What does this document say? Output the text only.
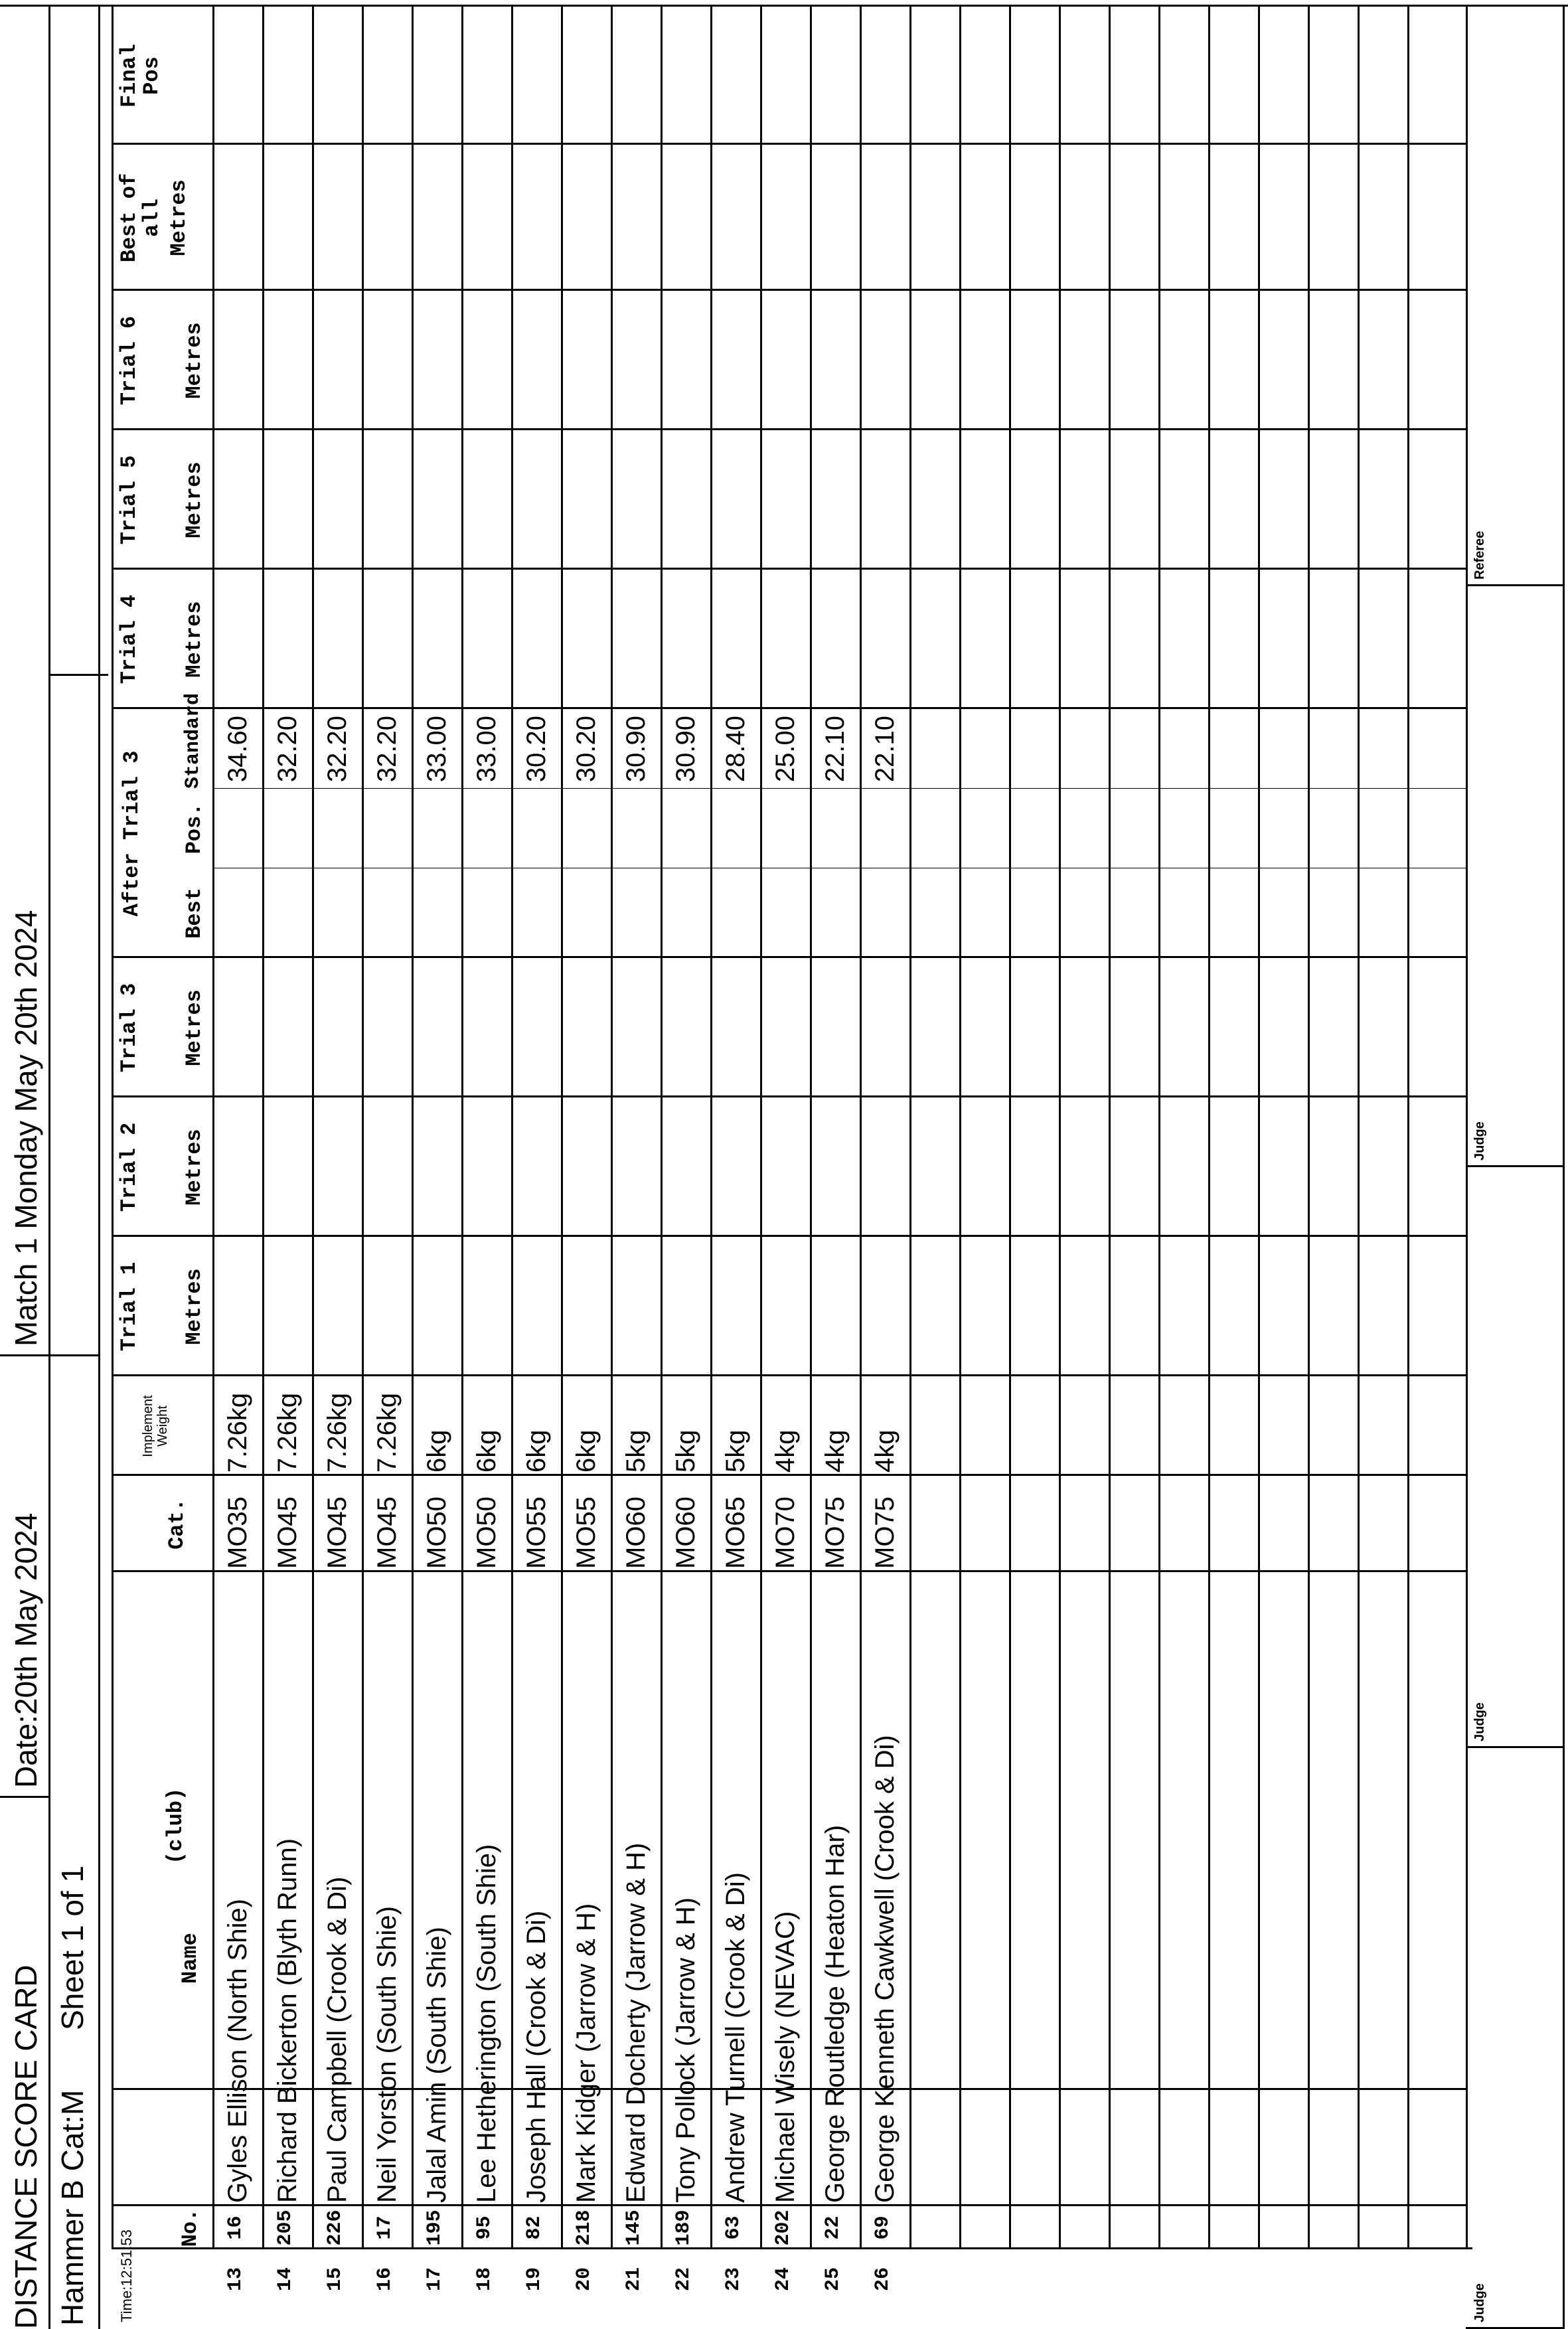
DISTANCE SCORE CARD
Date:20th May 2024
Match 1 Monday May 20th 2024
Hammer B Cat:M
Sheet 1 of 1
Time:12:51:53
No.
Name
(club)
Cat.
Implement Weight
Trial 1 Metres
Trial 2 Metres
Trial 3 Metres
After Trial 3 Best
Pos.
Standard
Trial 4 Metres
Trial 5 Metres
Trial 6 Metres
Best of
all Metres
Final
Pos
16
Gyles Ellison (North Shie)
MO35
7.26kg
34.60
205
Richard Bickerton (Blyth Runn)
MO45
7.26kg
32.20
226
Paul Campbell (Crook & Di)
MO45
7.26kg
32.20
17
Neil Yorston (South Shie)
MO45
7.26kg
32.20
195
Jalal Amin (South Shie)
MO50
6kg
33.00
95
Lee Hetherington (South Shie)
MO50
6kg
33.00
82
Joseph Hall (Crook & Di)
MO55
6kg
30.20
218
Mark Kidger (Jarrow & H)
MO55
6kg
30.20
145
Edward Docherty (Jarrow & H)
MO60
5kg
30.90
189
Tony Pollock (Jarrow & H)
MO60
5kg
30.90
63
Andrew Turnell (Crook & Di)
MO65
5kg
28.40
202
Michael Wisely (NEVAC)
MO70
4kg
25.00
22
George Routledge (Heaton Har)
MO75
4kg
22.10
69
George Kenneth Cawkwell (Crook & Di)
MO75
4kg
22.10
13 14 15 16 17 18 19 20 21 22 23 24 25 26
Judge
Judge
Judge
Referee
